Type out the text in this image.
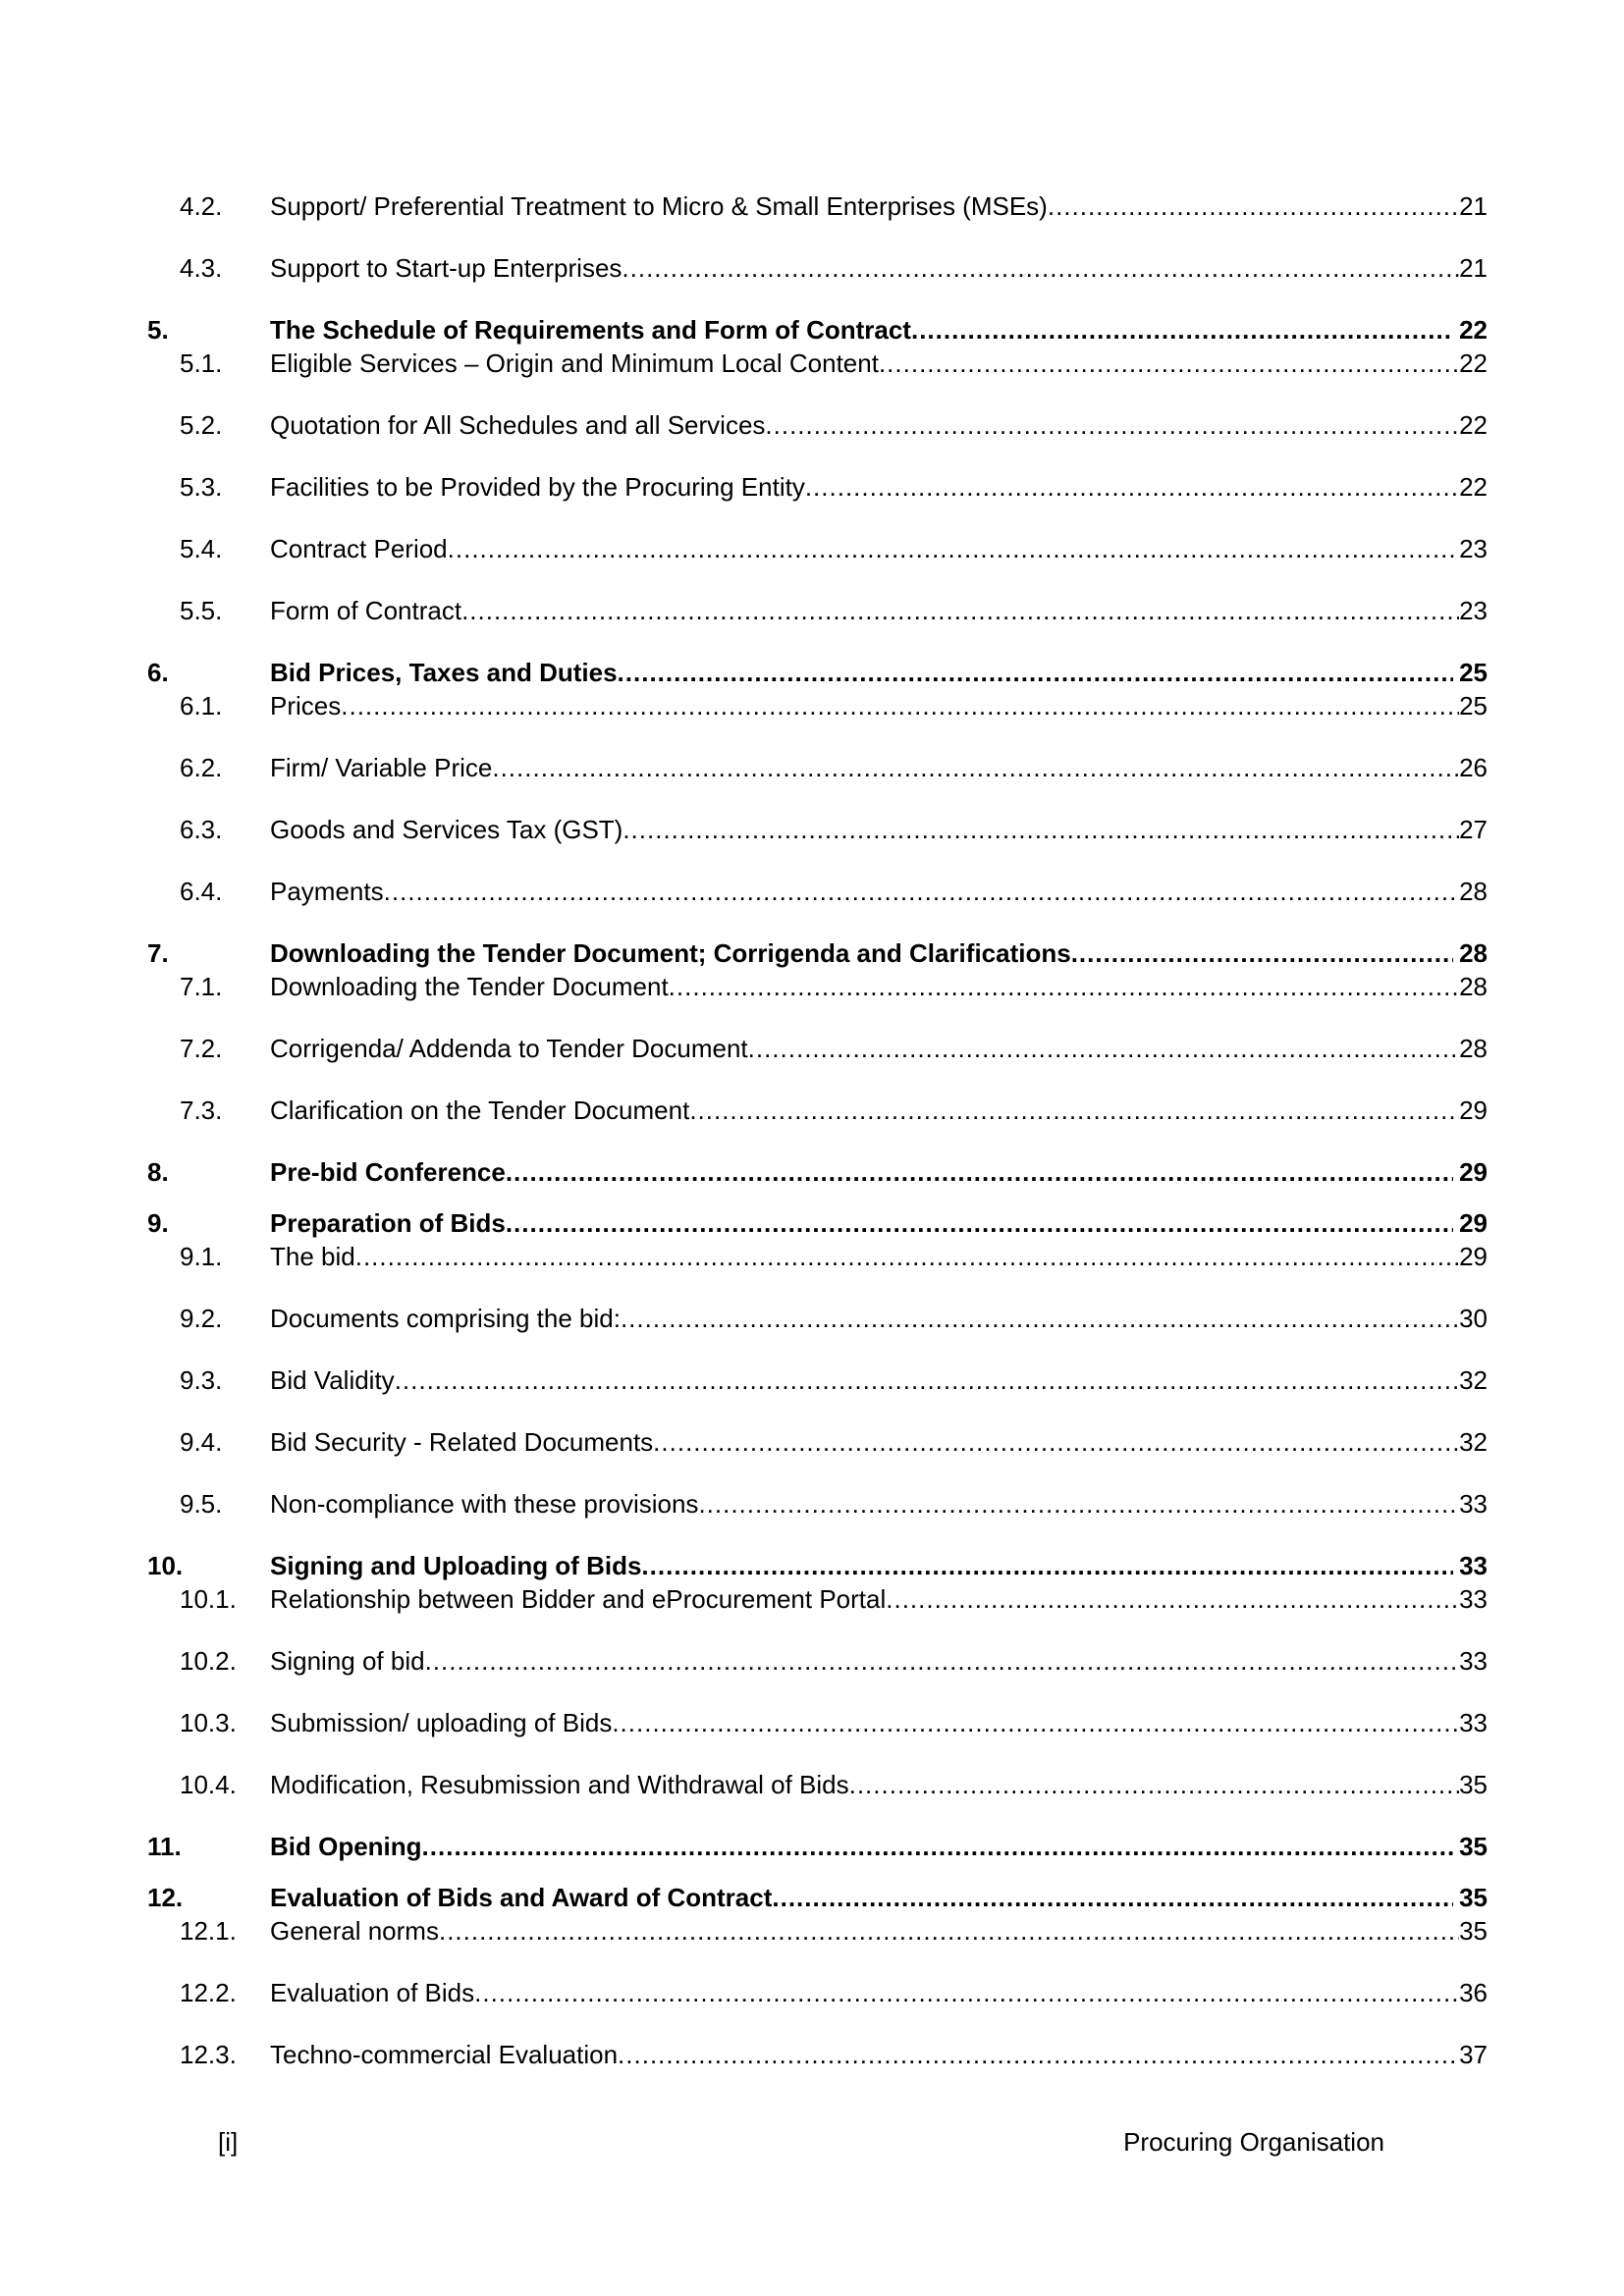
4.2.	Support/ Preferential Treatment to Micro & Small Enterprises (MSEs) .....	21
4.3.	Support to Start-up Enterprises .....	21
5.	The Schedule of Requirements and Form of Contract .....	22
5.1.	Eligible Services – Origin and Minimum Local Content .....	22
5.2.	Quotation for All Schedules and all Services .....	22
5.3.	Facilities to be Provided by the Procuring Entity .....	22
5.4.	Contract Period .....	23
5.5.	Form of Contract .....	23
6.	Bid Prices, Taxes and Duties .....	25
6.1.	Prices .....	25
6.2.	Firm/ Variable Price .....	26
6.3.	Goods and Services Tax (GST) .....	27
6.4.	Payments .....	28
7.	Downloading the Tender Document; Corrigenda and Clarifications .....	28
7.1.	Downloading the Tender Document .....	28
7.2.	Corrigenda/ Addenda to Tender Document .....	28
7.3.	Clarification on the Tender Document .....	29
8.	Pre-bid Conference .....	29
9.	Preparation of Bids .....	29
9.1.	The bid .....	29
9.2.	Documents comprising the bid: .....	30
9.3.	Bid Validity .....	32
9.4.	Bid Security - Related Documents .....	32
9.5.	Non-compliance with these provisions .....	33
10.	Signing and Uploading of Bids .....	33
10.1.	Relationship between Bidder and eProcurement Portal .....	33
10.2.	Signing of bid .....	33
10.3.	Submission/ uploading of Bids .....	33
10.4.	Modification, Resubmission and Withdrawal of Bids .....	35
11.	Bid Opening .....	35
12.	Evaluation of Bids and Award of Contract .....	35
12.1.	General norms .....	35
12.2.	Evaluation of Bids .....	36
12.3.	Techno-commercial Evaluation .....	37
[i]	Procuring Organisation
